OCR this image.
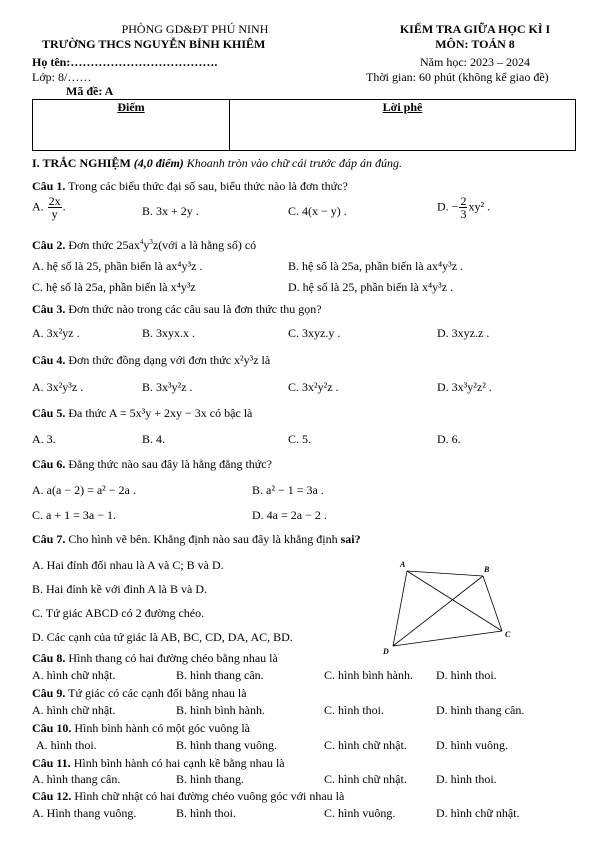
PHÒNG GD&ĐT PHÚ NINH
TRƯỜNG THCS NGUYỄN BỈNH KHIÊM
Họ tên:……………………………….
Lớp: 8/……
Mã đề: A
KIỂM TRA GIỮA HỌC KÌ I
MÔN: TOÁN 8
Năm học: 2023 – 2024
Thời gian: 60 phút (không kể giao đề)
Điểm	Lời phê
I. TRẮC NGHIỆM (4,0 điểm) Khoanh tròn vào chữ cái trước đáp án đúng.
Câu 1. Trong các biểu thức đại số sau, biểu thức nào là đơn thức?
A. $\frac{2x}{y}$ .	B. 3x + 2y .	C. 4(x − y) .	D. − $\frac{2}{3} xy^2$ .
Câu 2. Đơn thức $25ax^4y^3z(với$ a là hằng số) có
A. hệ số là 25, phần biến là ax⁴y³z .	B. hệ số là 25a, phần biến là ax⁴y³z .
C. hệ số là 25a, phần biến là x⁴y³z	D. hệ số là 25, phần biến là x⁴y³z .
Câu 3. Đơn thức nào trong các câu sau là đơn thức thu gọn?
A. 3x²yz .	B. 3xyx.x .	C. 3xyz.y .	D. 3xyz.z .
Câu 4. Đơn thức đồng dạng với đơn thức x²y³z là
A. 3x²y³z .	B. 3x³y²z .	C. 3x²y²z .	D. 3x³y²z² .
Câu 5. Đa thức A = 5x³y + 2xy − 3x có bậc là
A. 3.	B. 4.	C. 5.	D. 6.
Câu 6. Đẳng thức nào sau đây là hằng đẳng thức?
A. a(a − 2) = a² − 2a .	B. a² − 1 = 3a .
C. a + 1 = 3a − 1.	D. 4a = 2a − 2 .
Câu 7. Cho hình vẽ bên. Khẳng định nào sau đây là khẳng định sai?
A. Hai đỉnh đối nhau là A và C; B và D.
B. Hai đỉnh kề với đỉnh A là B và D.
C. Tứ giác ABCD có 2 đường chéo.
D. Các cạnh của tứ giác là AB, BC, CD, DA, AC, BD.
A
B
C
D
Câu 8. Hình thang có hai đường chéo bằng nhau là
A. hình chữ nhật.	B. hình thang cân.	C. hình bình hành. D. hình thoi.
Câu 9. Tứ giác có các cạnh đối bằng nhau là
A. hình chữ nhật.	B. hình bình hành.	C. hình thoi.	D. hình thang cân.
Câu 10. Hình bình hành có một góc vuông là
A. hình thoi.	B. hình thang vuông.	C. hình chữ nhật. D. hình vuông.
Câu 11. Hình bình hành có hai cạnh kề bằng nhau là
A. hình thang cân.	B. hình thang.	C. hình chữ nhật. D. hình thoi.
Câu 12. Hình chữ nhật có hai đường chéo vuông góc với nhau là
A. Hình thang vuông.	B. hình thoi.	C. hình vuông.	D. hình chữ nhật.
